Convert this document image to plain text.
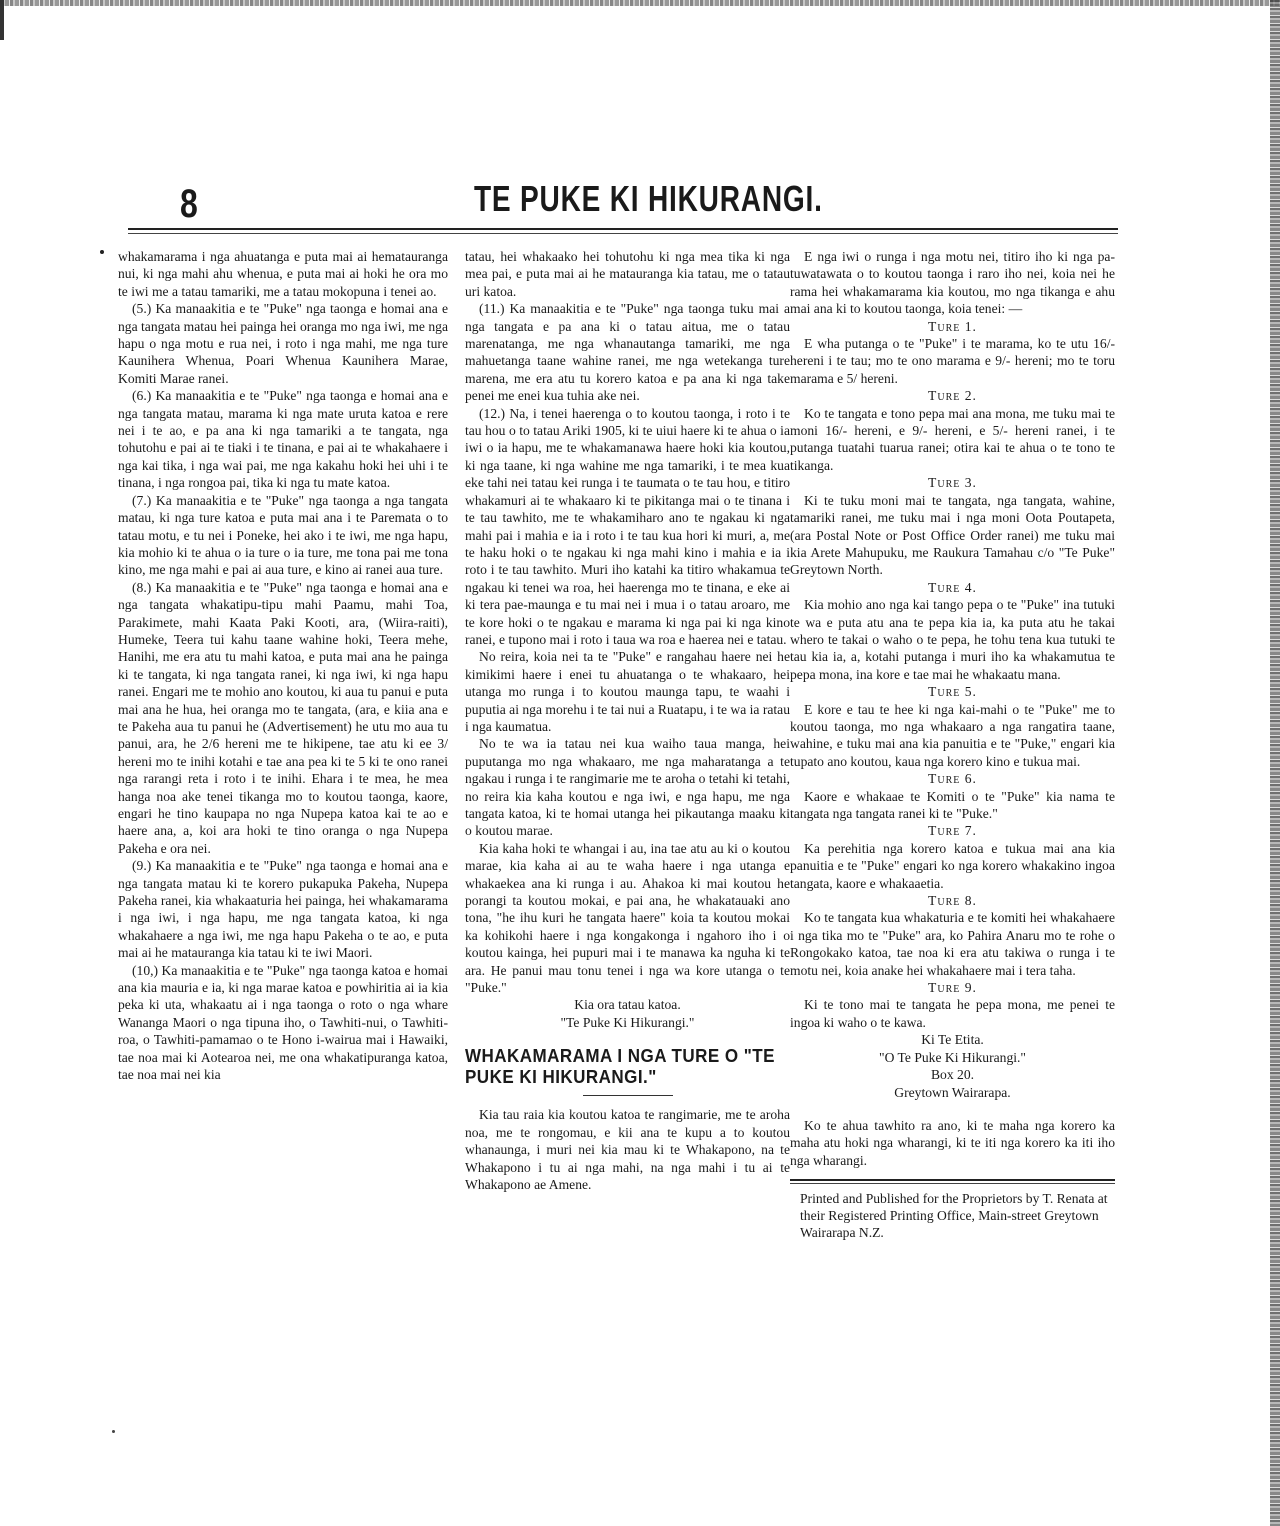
8	TE PUKE KI HIKURANGI.

whakamarama i nga ahuatanga e puta mai ai hematauranga nui, ki nga mahi ahu whenua, e puta mai ai hoki he ora mo te iwi me a tatau tamariki, me a tatau mokopuna i tenei ao.

(5.) Ka manaakitia e te "Puke" nga taonga e homai ana e nga tangata matau hei painga hei oranga mo nga iwi, me nga hapu o nga motu e rua nei, i roto i nga mahi, me nga ture Kaunihera Whenua, Poari Whenua Kaunihera Marae, Komiti Marae ranei.

(6.) Ka manaakitia e te "Puke" nga taonga e homai ana e nga tangata matau, marama ki nga mate uruta katoa e rere nei i te ao, e pa ana ki nga tamariki a te tangata, nga tohutohu e pai ai te tiaki i te tinana, e pai ai te whakahaere i nga kai tika, i nga wai pai, me nga kakahu hoki hei uhi i te tinana, i nga rongoa pai, tika ki nga tu mate katoa.

(7.) Ka manaakitia e te "Puke" nga taonga a nga tangata matau, ki nga ture katoa e puta mai ana i te Paremata o to tatau motu, e tu nei i Poneke, hei ako i te iwi, me nga hapu, kia mohio ki te ahua o ia ture o ia ture, me tona pai me tona kino, me nga mahi e pai ai aua ture, e kino ai ranei aua ture.

(8.) Ka manaakitia e te "Puke" nga taonga e homai ana e nga tangata whakatipu-tipu mahi Paamu, mahi Toa, Parakimete, mahi Kaata Paki Kooti, ara, (Wiira-raiti), Humeke, Teera tui kahu taane wahine hoki, Teera mehe, Hanihi, me era atu tu mahi katoa, e puta mai ana he painga ki te tangata, ki nga tangata ranei, ki nga iwi, ki nga hapu ranei. Engari me te mohio ano koutou, ki aua tu panui e puta mai ana he hua, hei oranga mo te tangata, (ara, e kiia ana e te Pakeha aua tu panui he (Advertisement) he utu mo aua tu panui, ara, he 2/6 hereni me te hikipene, tae atu ki ee 3/ hereni mo te inihi kotahi e tae ana pea ki te 5 ki te ono ranei nga rarangi reta i roto i te inihi. Ehara i te mea, he mea hanga noa ake tenei tikanga mo to koutou taonga, kaore, engari he tino kaupapa no nga Nupepa katoa kai te ao e haere ana, a, koi ara hoki te tino oranga o nga Nupepa Pakeha e ora nei.

(9.) Ka manaakitia e te "Puke" nga taonga e homai ana e nga tangata matau ki te korero pukapuka Pakeha, Nupepa Pakeha ranei, kia whakaaturia hei painga, hei whakamarama i nga iwi, i nga hapu, me nga tangata katoa, ki nga whakahaere a nga iwi, me nga hapu Pakeha o te ao, e puta mai ai he matauranga kia tatau ki te iwi Maori.

(10,) Ka manaakitia e te "Puke" nga taonga katoa e homai ana kia mauria e ia, ki nga marae katoa e powhiritia ai ia kia peka ki uta, whakaatu ai i nga taonga o roto o nga whare Wananga Maori o nga tipuna iho, o Tawhiti-nui, o Tawhiti-roa, o Tawhiti-pamamao o te Hono i-wairua mai i Hawaiki, tae noa mai ki Aotearoa nei, me ona whakatipuranga katoa, tae noa mai nei kia

tatau, hei whakaako hei tohutohu ki nga mea tika ki nga mea pai, e puta mai ai he matauranga kia tatau, me o tatau uri katoa.

(11.) Ka manaakitia e te "Puke" nga taonga tuku mai a nga tangata e pa ana ki o tatau aitua, me o tatau marenatanga, me nga whanautanga tamariki, me nga mahuetanga taane wahine ranei, me nga wetekanga ture marena, me era atu tu korero katoa e pa ana ki nga take penei me enei kua tuhia ake nei.

(12.) Na, i tenei haerenga o to koutou taonga, i roto i te tau hou o to tatau Ariki 1905, ki te uiui haere ki te ahua o ia iwi o ia hapu, me te whakamanawa haere hoki kia koutou, ki nga taane, ki nga wahine me nga tamariki, i te mea kua eke tahi nei tatau kei runga i te taumata o te tau hou, e titiro whakamuri ai te whakaaro ki te pikitanga mai o te tinana i te tau tawhito, me te whakamiharo ano te ngakau ki nga mahi pai i mahia e ia i roto i te tau kua hori ki muri, a, me te haku hoki o te ngakau ki nga mahi kino i mahia e ia i roto i te tau tawhito. Muri iho katahi ka titiro whakamua te ngakau ki tenei wa roa, hei haerenga mo te tinana, e eke ai ki tera pae-maunga e tu mai nei i mua i o tatau aroaro, me te kore hoki o te ngakau e marama ki nga pai ki nga kino ranei, e tupono mai i roto i taua wa roa e haerea nei e tatau.

No reira, koia nei ta te "Puke" e rangahau haere nei he kimikimi haere i enei tu ahuatanga o te whakaaro, hei utanga mo runga i to koutou maunga tapu, te waahi i puputia ai nga morehu i te tai nui a Ruatapu, i te wa ia ratau i nga kaumatua.

No te wa ia tatau nei kua waiho taua manga, hei puputanga mo nga whakaaro, me nga maharatanga a te ngakau i runga i te rangimarie me te aroha o tetahi ki tetahi, no reira kia kaha koutou e nga iwi, e nga hapu, me nga tangata katoa, ki te homai utanga hei pikautanga maaku ki o koutou marae.

Kia kaha hoki te whangai i au, ina tae atu au ki o koutou marae, kia kaha ai au te waha haere i nga utanga e whakaekea ana ki runga i au. Ahakoa ki mai koutou he porangi ta koutou mokai, e pai ana, he whakatauaki ano tona, "he ihu kuri he tangata haere" koia ta koutou mokai ka kohikohi haere i nga kongakonga i ngahoro iho i o koutou kainga, hei pupuri mai i te manawa ka nguha ki te ara. He panui mau tonu tenei i nga wa kore utanga o te "Puke."

Kia ora tatau katoa.

"Te Puke Ki Hikurangi."

WHAKAMARAMA I NGA TURE O "TE PUKE KI HIKURANGI."

Kia tau raia kia koutou katoa te rangimarie, me te aroha noa, me te rongomau, e kii ana te kupu a to koutou whanaunga, i muri nei kia mau ki te Whakapono, na te Whakapono i tu ai nga mahi, na nga mahi i tu ai te Whakapono ae Amene.

E nga iwi o runga i nga motu nei, titiro iho ki nga pa-tuwatawata o to koutou taonga i raro iho nei, koia nei he rama hei whakamarama kia koutou, mo nga tikanga e ahu mai ana ki to koutou taonga, koia tenei: —

Ture 1.

E wha putanga o te "Puke" i te marama, ko te utu 16/- hereni i te tau; mo te ono marama e 9/- hereni; mo te toru marama e 5/ hereni.

Ture 2.

Ko te tangata e tono pepa mai ana mona, me tuku mai te moni 16/- hereni, e 9/- hereni, e 5/- hereni ranei, i te putanga tuatahi tuarua ranei; otira kai te ahua o te tono te tikanga.

Ture 3.

Ki te tuku moni mai te tangata, nga tangata, wahine, tamariki ranei, me tuku mai i nga moni Oota Poutapeta, (ara Postal Note or Post Office Order ranei) me tuku mai kia Arete Mahupuku, me Raukura Tamahau c/o "Te Puke" Greytown North.

Ture 4.

Kia mohio ano nga kai tango pepa o te "Puke" ina tutuki te wa e puta atu ana te pepa kia ia, ka puta atu he takai whero te takai o waho o te pepa, he tohu tena kua tutuki te tau kia ia, a, kotahi putanga i muri iho ka whakamutua te pepa mona, ina kore e tae mai he whakaatu mana.

Ture 5.

E kore e tau te hee ki nga kai-mahi o te "Puke" me to koutou taonga, mo nga whakaaro a nga rangatira taane, wahine, e tuku mai ana kia panuitia e te "Puke," engari kia tupato ano koutou, kaua nga korero kino e tukua mai.

Ture 6.

Kaore e whakaae te Komiti o te "Puke" kia nama te tangata nga tangata ranei ki te "Puke."

Ture 7.

Ka perehitia nga korero katoa e tukua mai ana kia panuitia e te "Puke" engari ko nga korero whakakino ingoa tangata, kaore e whakaaetia.

Ture 8.

Ko te tangata kua whakaturia e te komiti hei whakahaere i nga tika mo te "Puke" ara, ko Pahira Anaru mo te rohe o Rongokako katoa, tae noa ki era atu takiwa o runga i te motu nei, koia anake hei whakahaere mai i tera taha.

Ture 9.

Ki te tono mai te tangata he pepa mona, me penei te ingoa ki waho o te kawa.

Ki Te Etita.

"O Te Puke Ki Hikurangi."

Box 20.

Greytown Wairarapa.

Ko te ahua tawhito ra ano, ki te maha nga korero ka maha atu hoki nga wharangi, ki te iti nga korero ka iti iho nga wharangi.

Printed and Published for the Proprietors by T. Renata at their Registered Printing Office, Main-street Greytown Wairarapa N.Z.
